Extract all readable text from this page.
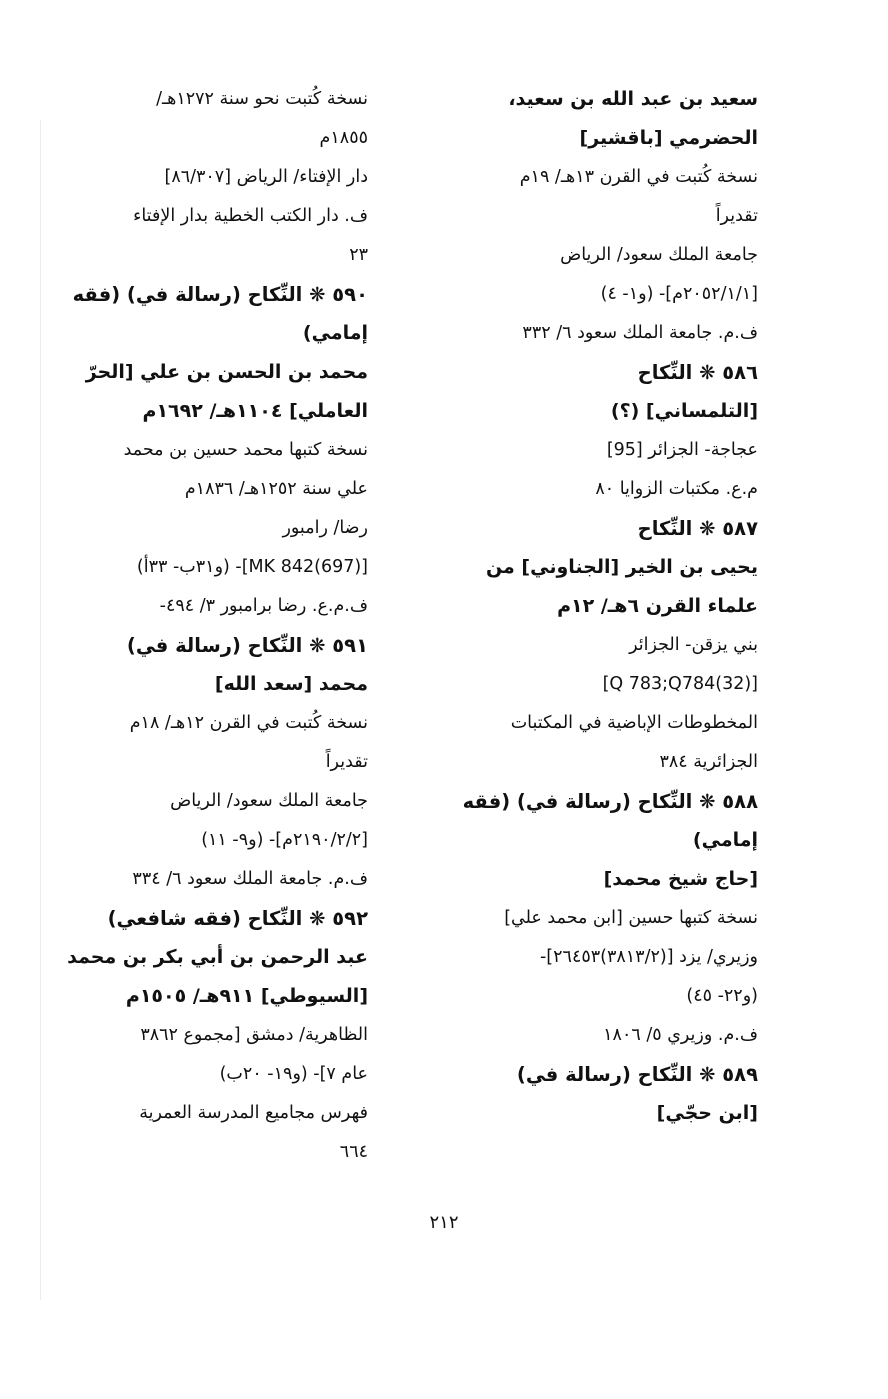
سعيد بن عبد الله بن سعيد،
الحضرمي [باقشير]
نسخة كُتبت في القرن ١٣هـ/ ١٩م
تقديراً
جامعة الملك سعود/ الرياض
[٢٠٥٢/١/١م]- (و١- ٤)
ف.م. جامعة الملك سعود ٦/ ٣٣٢
٥٨٦ ❋ النِّكاح
[التلمساني] (؟)
عجاجة- الجزائر [95]
م.ع. مكتبات الزوايا ٨٠
٥٨٧ ❋ النِّكاح
يحيى بن الخير [الجناوني] من
علماء القرن ٦هـ/ ١٢م
بني يزقن- الجزائر
[(32)Q 783;Q784]
المخطوطات الإباضية في المكتبات
الجزائرية ٣٨٤
٥٨٨ ❋ النِّكاح (رسالة في) (فقه
إمامي)
[حاج شيخ محمد]
نسخة كتبها حسين [ابن محمد علي]
وزيري/ يزد [(٣٨١٣/٢)٢٦٤٥٣]-
(و٢٢- ٤٥)
ف.م. وزيري ٥/ ١٨٠٦
٥٨٩ ❋ النِّكاح (رسالة في)
[ابن حجّي]
نسخة كُتبت نحو سنة ١٢٧٢هـ/
١٨٥٥م
دار الإفتاء/ الرياض [٨٦/٣٠٧]
ف. دار الكتب الخطية بدار الإفتاء
٢٣
٥٩٠ ❋ النِّكاح (رسالة في) (فقه
إمامي)
محمد بن الحسن بن علي [الحرّ
العاملي] ١١٠٤هـ/ ١٦٩٢م
نسخة كتبها محمد حسين بن محمد
علي سنة ١٢٥٢هـ/ ١٨٣٦م
رضا/ رامبور
[(697)842 MK]- (و٣١ب- ٣٣أ)
ف.م.ع. رضا برامبور ٣/ ٤٩٤-
٥٩١ ❋ النِّكاح (رسالة في)
محمد [سعد الله]
نسخة كُتبت في القرن ١٢هـ/ ١٨م
تقديراً
جامعة الملك سعود/ الرياض
[٢١٩٠/٢/٢م]- (و٩- ١١)
ف.م. جامعة الملك سعود ٦/ ٣٣٤
٥٩٢ ❋ النِّكاح (فقه شافعي)
عبد الرحمن بن أبي بكر بن محمد
[السيوطي] ٩١١هـ/ ١٥٠٥م
الظاهرية/ دمشق [مجموع ٣٨٦٢
عام ٧]- (و١٩- ٢٠ب)
فهرس مجاميع المدرسة العمرية
٦٦٤
٢١٢
